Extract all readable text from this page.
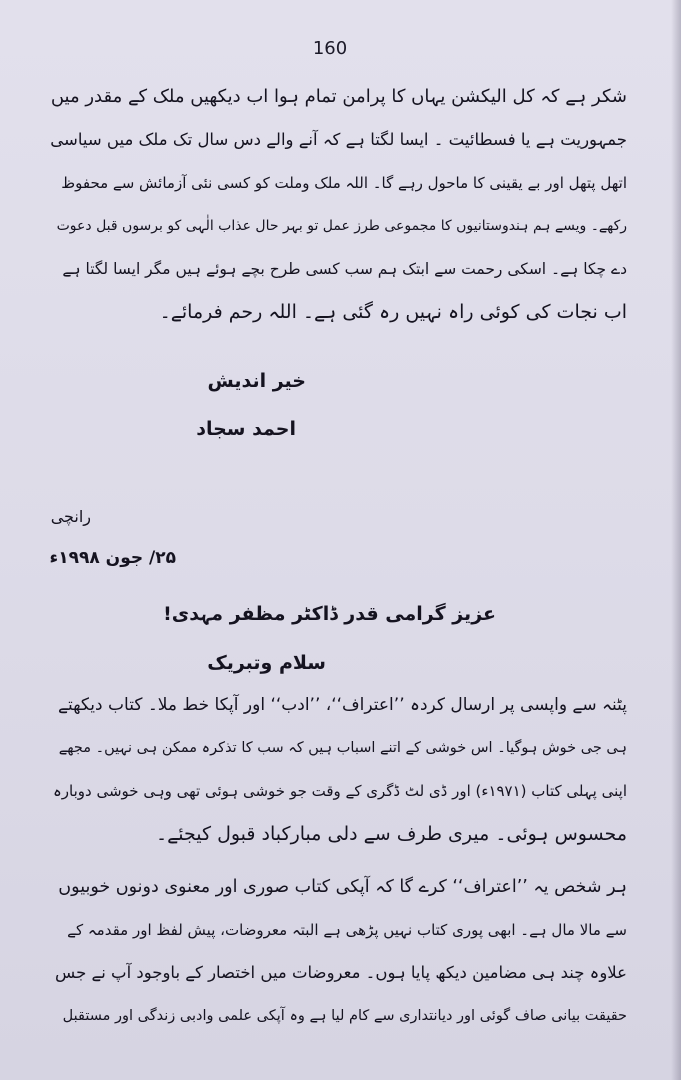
160

شکر ہے کہ کل الیکشن یہاں کا پرامن تمام ہوا اب دیکھیں ملک کے مقدر میں

جمہوریت ہے یا فسطائیت ۔ ایسا لگتا ہے کہ آنے والے دس سال تک ملک میں سیاسی

اتھل پتھل اور بے یقینی کا ماحول رہے گا۔ اللہ ملک وملت کو کسی نئی آزمائش سے محفوظ

رکھے۔ ویسے ہم ہندوستانیوں کا مجموعی طرز عمل تو بہر حال عذاب الٰہی کو برسوں قبل دعوت

دے چکا ہے۔ اسکی رحمت سے ابتک ہم سب کسی طرح بچے ہوئے ہیں مگر ایسا لگتا ہے

اب نجات کی کوئی راہ نہیں رہ گئی ہے۔ اللہ رحم فرمائے۔

خیر اندیش

احمد سجاد

رانچی

۲۵/ جون ۱۹۹۸ء

عزیز گرامی قدر ڈاکٹر مظفر مہدی!

سلام وتبریک

پٹنہ سے واپسی پر ارسال کردہ ’’اعتراف‘‘، ’’ادب‘‘ اور آپکا خط ملا۔ کتاب دیکھتے

ہی جی خوش ہوگیا۔ اس خوشی کے اتنے اسباب ہیں کہ سب کا تذکرہ ممکن ہی نہیں۔ مجھے

اپنی پہلی کتاب (۱۹۷۱ء) اور ڈی لٹ ڈگری کے وقت جو خوشی ہوئی تھی وہی خوشی دوبارہ

محسوس ہوئی۔ میری طرف سے دلی مبارکباد قبول کیجئے۔

ہر شخص یہ ’’اعتراف‘‘ کرے گا کہ آپکی کتاب صوری اور معنوی دونوں خوبیوں

سے مالا مال ہے۔ ابھی پوری کتاب نہیں پڑھی ہے البتہ معروضات، پیش لفظ اور مقدمہ کے

علاوہ چند ہی مضامین دیکھ پایا ہوں۔ معروضات میں اختصار کے باوجود آپ نے جس

حقیقت بیانی صاف گوئی اور دیانتداری سے کام لیا ہے وہ آپکی علمی وادبی زندگی اور مستقبل
